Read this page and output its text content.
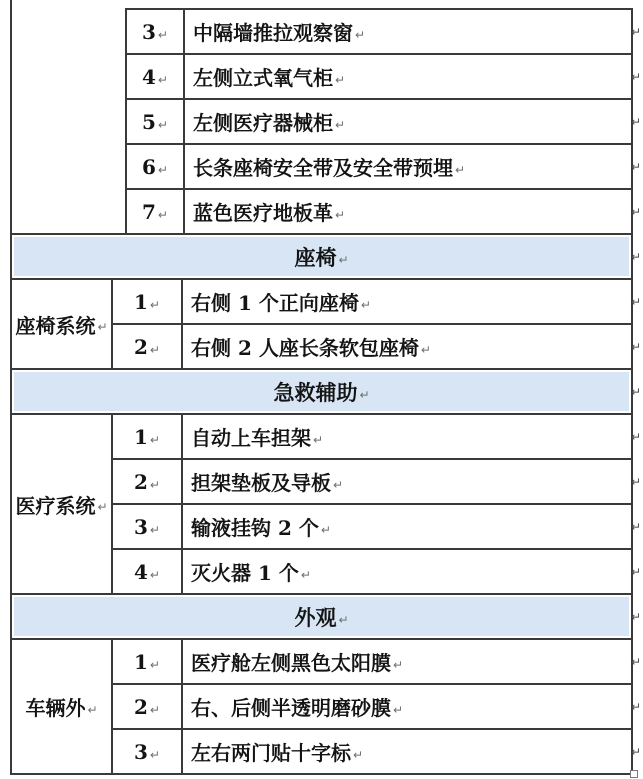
3 ↵ 中隔墙推拉观察窗 ↵	↵
4 ↵ 左侧立式氧气柜 ↵	↵
5 ↵ 左侧医疗器械柜 ↵	↵
6 ↵ 长条座椅安全带及安全带预埋 ↵	↵
7 ↵ 蓝色医疗地板革 ↵	↵
座椅 ↵	↵
座椅系统 ↵
1 ↵ 右侧 1 个正向座椅 ↵	↵
2 ↵ 右侧 2 人座长条软包座椅 ↵	↵
急救辅助 ↵	↵
医疗系统 ↵
1 ↵ 自动上车担架 ↵	↵
2 ↵ 担架垫板及导板 ↵	↵
3 ↵ 输液挂钩 2 个 ↵	↵
4 ↵ 灭火器 1 个 ↵	↵
外观 ↵	↵
车辆外 ↵
1 ↵ 医疗舱左侧黑色太阳膜 ↵	↵
2 ↵ 右、后侧半透明磨砂膜 ↵	↵
3 ↵ 左右两门贴十字标 ↵	↵
